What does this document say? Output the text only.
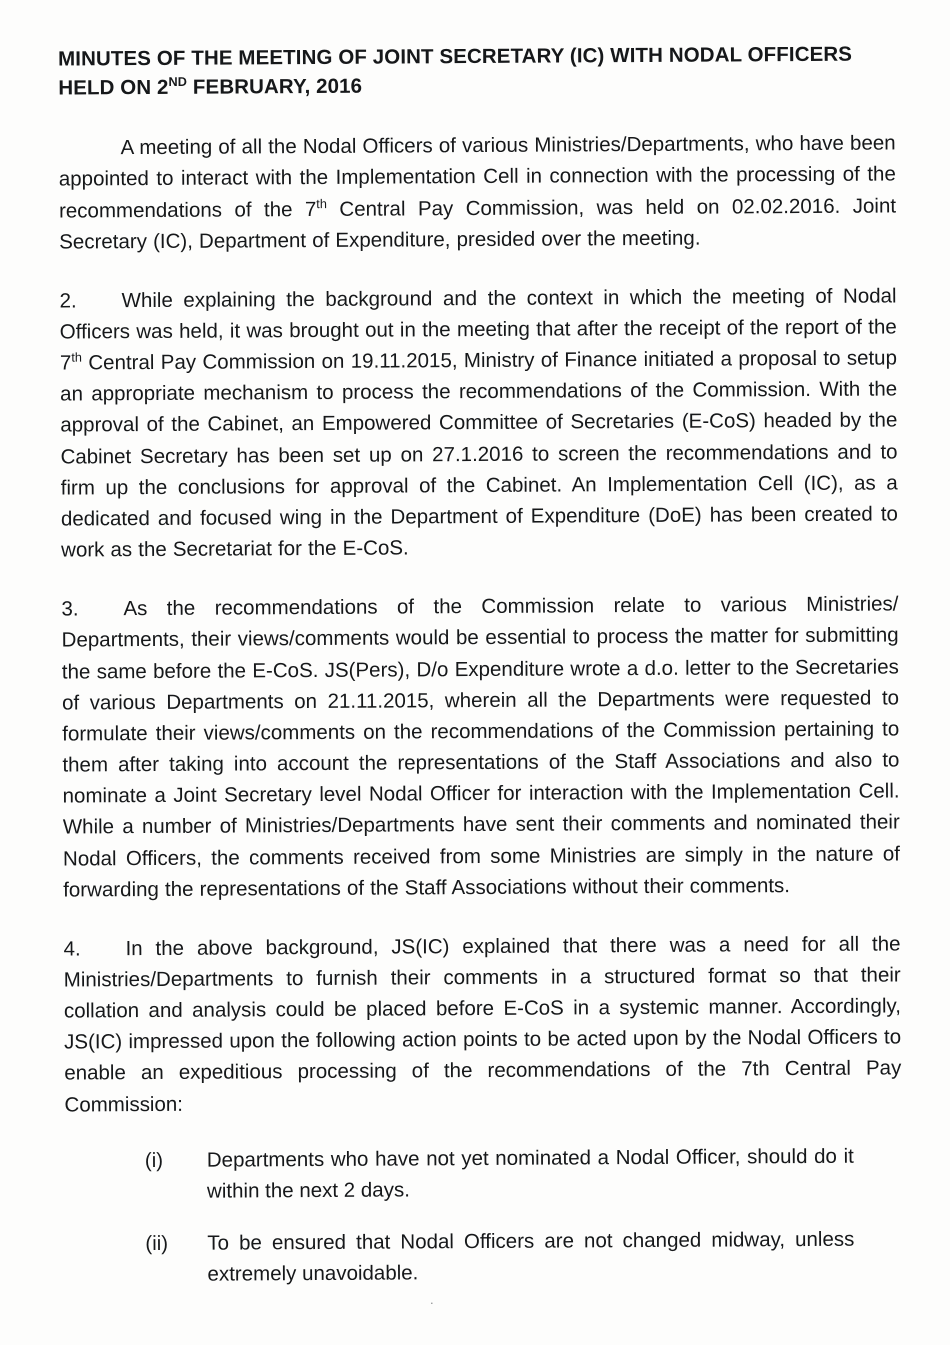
MINUTES OF THE MEETING OF JOINT SECRETARY (IC) WITH NODAL OFFICERS
HELD ON 2ND FEBRUARY, 2016

A meeting of all the Nodal Officers of various Ministries/Departments, who have been appointed to interact with the Implementation Cell in connection with the processing of the recommendations of the 7th Central Pay Commission, was held on 02.02.2016. Joint Secretary (IC), Department of Expenditure, presided over the meeting.

2. While explaining the background and the context in which the meeting of Nodal Officers was held, it was brought out in the meeting that after the receipt of the report of the 7th Central Pay Commission on 19.11.2015, Ministry of Finance initiated a proposal to setup an appropriate mechanism to process the recommendations of the Commission. With the approval of the Cabinet, an Empowered Committee of Secretaries (E-CoS) headed by the Cabinet Secretary has been set up on 27.1.2016 to screen the recommendations and to firm up the conclusions for approval of the Cabinet. An Implementation Cell (IC), as a dedicated and focused wing in the Department of Expenditure (DoE) has been created to work as the Secretariat for the E-CoS.

3. As the recommendations of the Commission relate to various Ministries/ Departments, their views/comments would be essential to process the matter for submitting the same before the E-CoS. JS(Pers), D/o Expenditure wrote a d.o. letter to the Secretaries of various Departments on 21.11.2015, wherein all the Departments were requested to formulate their views/comments on the recommendations of the Commission pertaining to them after taking into account the representations of the Staff Associations and also to nominate a Joint Secretary level Nodal Officer for interaction with the Implementation Cell. While a number of Ministries/Departments have sent their comments and nominated their Nodal Officers, the comments received from some Ministries are simply in the nature of forwarding the representations of the Staff Associations without their comments.

4. In the above background, JS(IC) explained that there was a need for all the Ministries/Departments to furnish their comments in a structured format so that their collation and analysis could be placed before E-CoS in a systemic manner. Accordingly, JS(IC) impressed upon the following action points to be acted upon by the Nodal Officers to enable an expeditious processing of the recommendations of the 7th Central Pay Commission:

(i)	Departments who have not yet nominated a Nodal Officer, should do it within the next 2 days.
(ii)	To be ensured that Nodal Officers are not changed midway, unless extremely unavoidable.
.
